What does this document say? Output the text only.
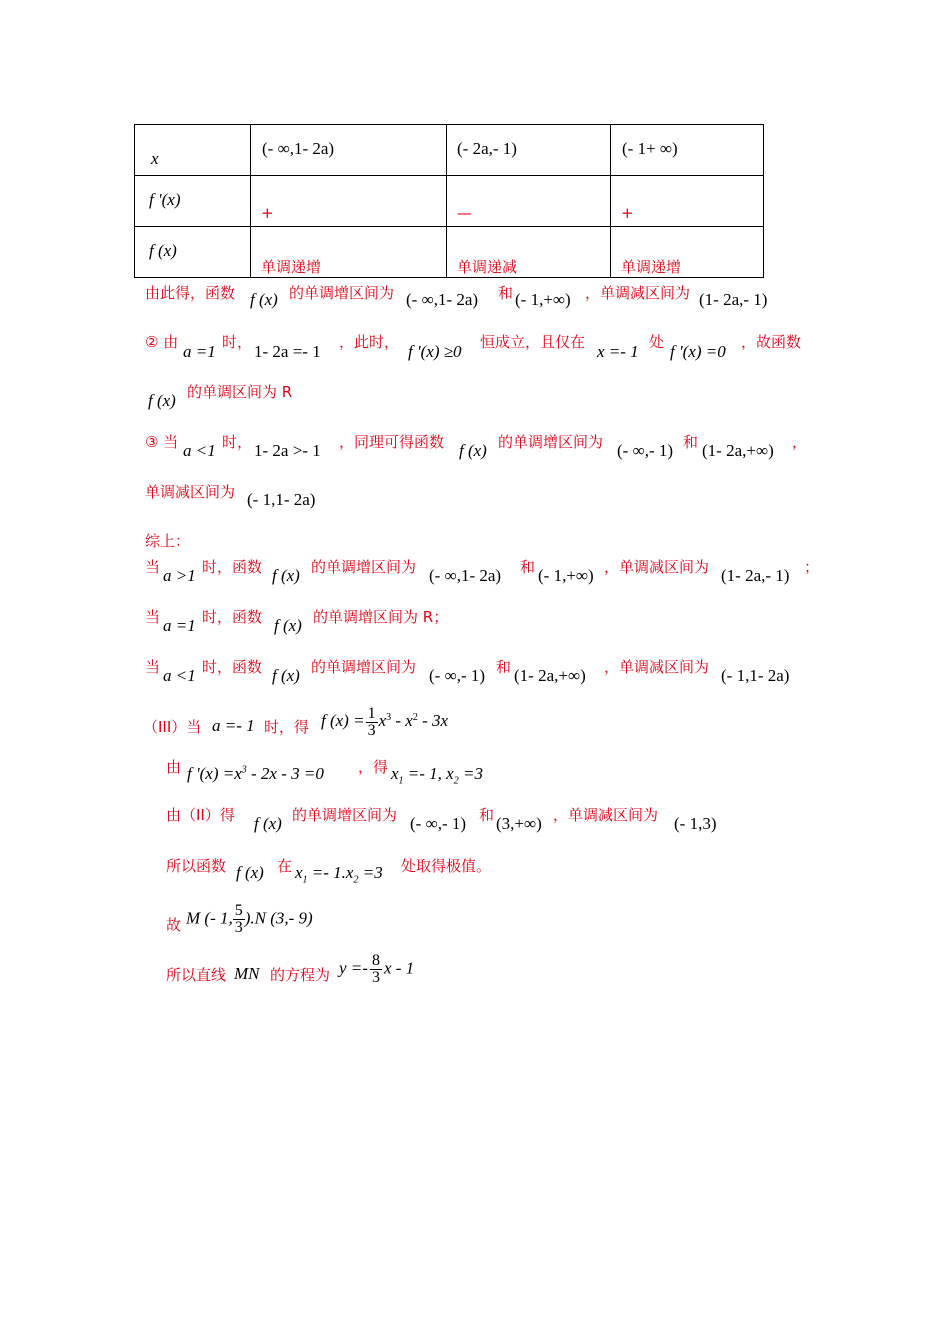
x	(- ∞,1- 2a)	(- 2a,- 1)	(- 1+ ∞)

f '(x)	+	—	+

f (x)	单调递增	单调递减	单调递增
由此得，函数 f (x) 的单调增区间为 (- ∞,1- 2a) 和 (- 1,+∞) ，单调减区间为 (1- 2a,- 1)
② 由 a =1 时， 1- 2a =- 1 ，此时， f '(x) ≥0 恒成立，且仅在 x =- 1 处 f '(x) =0 ，故函数
f (x) 的单调区间为 R
③ 当 a <1 时， 1- 2a >- 1 ，同理可得函数 f (x) 的单调增区间为 (- ∞,- 1) 和 (1- 2a,+∞) ，
单调减区间为 (- 1,1- 2a)
综上：
当 a >1 时，函数 f (x) 的单调增区间为 (- ∞,1- 2a) 和 (- 1,+∞) ，单调减区间为 (1- 2a,- 1) ；
当 a =1 时，函数 f (x) 的单调增区间为 R；
当 a <1 时，函数 f (x) 的单调增区间为 (- ∞,- 1) 和 (1- 2a,+∞) ，单调减区间为 (- 1,1- 2a)
（III）当 a =- 1 时，得 f $(x) = \frac{1}{3} x^3 - x^2 - 3x$
由 f '$(x) =x^3 - 2x - 3 =0$ ，得 $x_1 =- 1$, $x_2 =3$
由（II）得 f (x) 的单调增区间为 (- ∞,- 1) 和 (3,+∞) ，单调减区间为 (- 1,3)
所以函数 f (x) 在 $x_1 =- 1.x_2 =3$ 处取得极值。
故 M (- 1, $\frac{5}{3} ).N$ (3,- 9)
所以直线 MN 的方程为 $y =- \frac{8}{3}$ x - 1
